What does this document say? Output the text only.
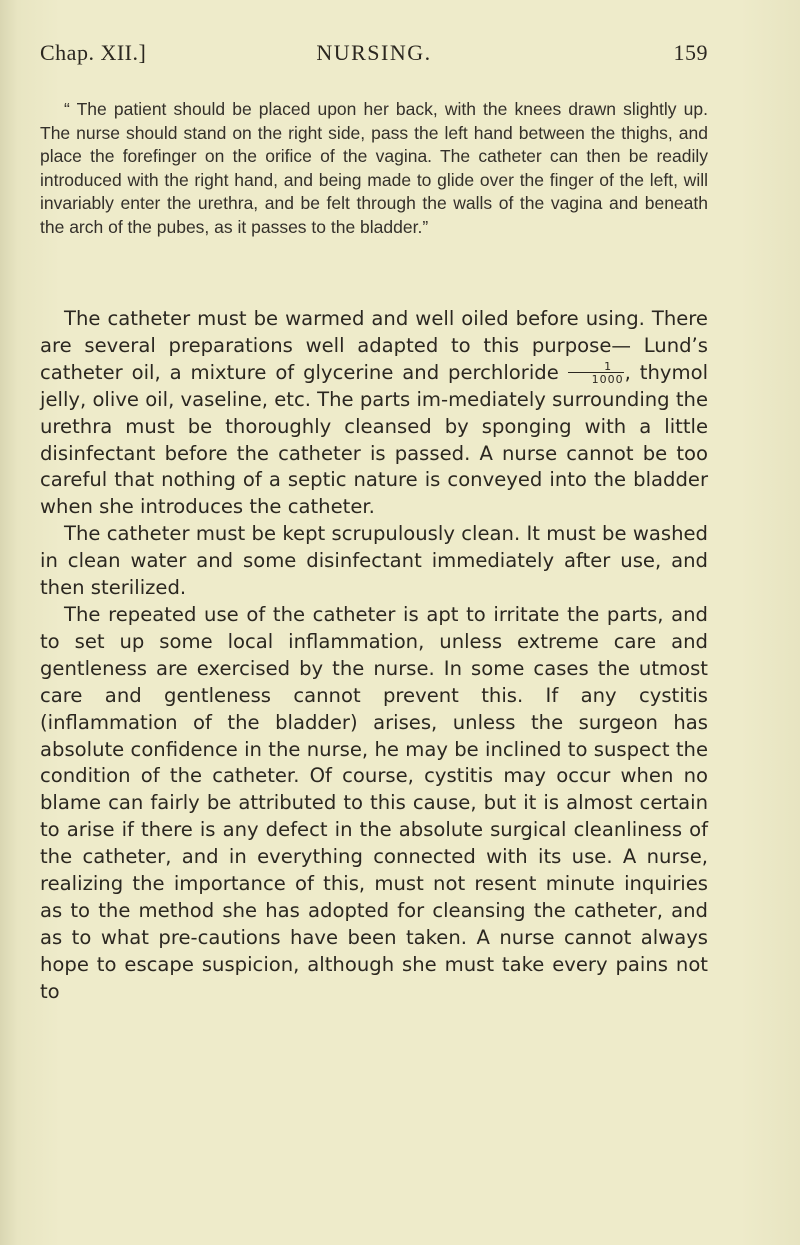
Chap. XII.]	NURSING.	159
“ The patient should be placed upon her back, with the knees drawn slightly up. The nurse should stand on the right side, pass the left hand between the thighs, and place the forefinger on the orifice of the vagina. The catheter can then be readily introduced with the right hand, and being made to glide over the finger of the left, will invariably enter the urethra, and be felt through the walls of the vagina and beneath the arch of the pubes, as it passes to the bladder.”

The catheter must be warmed and well oiled before using. There are several preparations well adapted to this purpose— Lund’s catheter oil, a mixture of glycerine and perchloride $\frac{1}{1000}$ , thymol jelly, olive oil, vaseline, etc. The parts im-mediately surrounding the urethra must be thoroughly cleansed by sponging with a little disinfectant before the catheter is passed. A nurse cannot be too careful that nothing of a septic nature is conveyed into the bladder when she introduces the catheter.

The catheter must be kept scrupulously clean. It must be washed in clean water and some disinfectant immediately after use, and then sterilized.

The repeated use of the catheter is apt to irritate the parts, and to set up some local inflammation, unless extreme care and gentleness are exercised by the nurse. In some cases the utmost care and gentleness cannot prevent this. If any cystitis (inflammation of the bladder) arises, unless the surgeon has absolute confidence in the nurse, he may be inclined to suspect the condition of the catheter. Of course, cystitis may occur when no blame can fairly be attributed to this cause, but it is almost certain to arise if there is any defect in the absolute surgical cleanliness of the catheter, and in everything connected with its use. A nurse, realizing the importance of this, must not resent minute inquiries as to the method she has adopted for cleansing the catheter, and as to what pre-cautions have been taken. A nurse cannot always hope to escape suspicion, although she must take every pains not to
